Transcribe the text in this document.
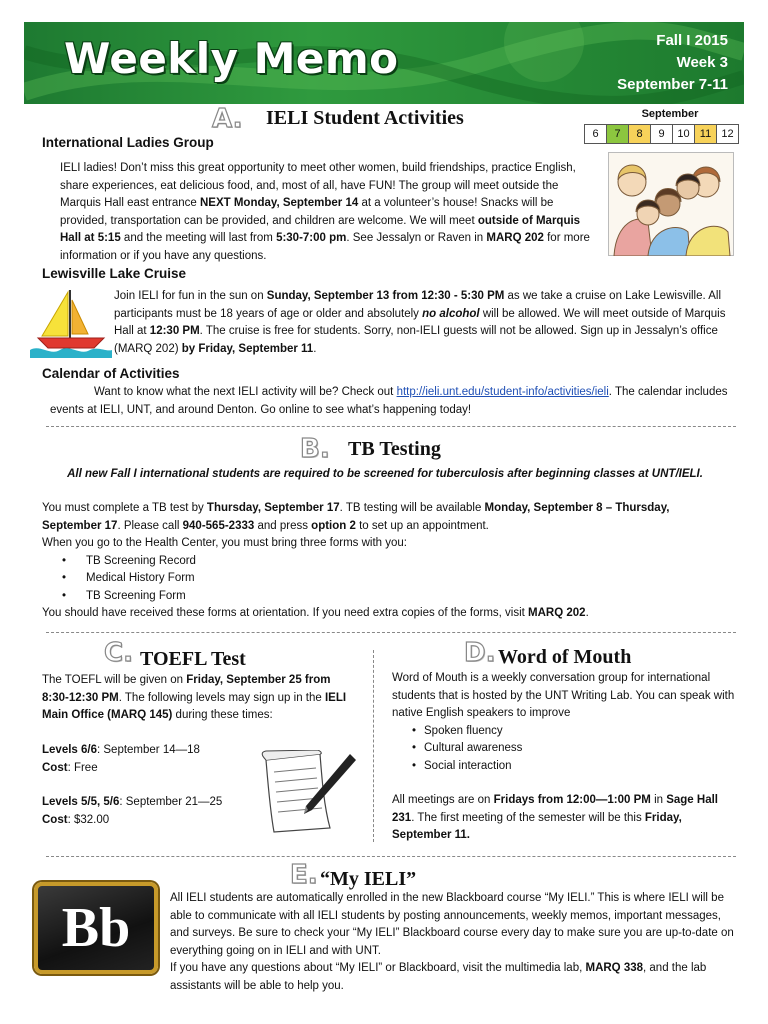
Weekly Memo	Fall I 2015
Week 3
September 7-11
A. IELI Student Activities	September
6	7	8	9	10	11	12
International Ladies Group
IELI ladies! Don’t miss this great opportunity to meet other women, build friendships, practice English, share experiences, eat delicious food, and, most of all, have FUN! The group will meet outside the Marquis Hall east entrance NEXT Monday, September 14 at a volunteer’s house! Snacks will be provided, transportation can be provided, and children are welcome. We will meet outside of Marquis Hall at 5:15 and the meeting will last from 5:30-7:00 pm. See Jessalyn or Raven in MARQ 202 for more information or if you have any questions.
Lewisville Lake Cruise
Join IELI for fun in the sun on Sunday, September 13 from 12:30 - 5:30 PM as we take a cruise on Lake Lewisville. All participants must be 18 years of age or older and absolutely no alcohol will be allowed. We will meet outside of Marquis Hall at 12:30 PM. The cruise is free for students. Sorry, non-IELI guests will not be allowed. Sign up in Jessalyn’s office (MARQ 202) by Friday, September 11.
Calendar of Activities
Want to know what the next IELI activity will be? Check out http://ieli.unt.edu/student-info/activities/ieli. The calendar includes events at IELI, UNT, and around Denton. Go online to see what’s happening today!
B. TB Testing
All new Fall I international students are required to be screened for tuberculosis after beginning classes at UNT/IELI.
You must complete a TB test by Thursday, September 17. TB testing will be available Monday, September 8 – Thursday, September 17. Please call 940-565-2333 and press option 2 to set up an appointment.
When you go to the Health Center, you must bring three forms with you:
• TB Screening Record
• Medical History Form
• TB Screening Form
You should have received these forms at orientation. If you need extra copies of the forms, visit MARQ 202.
C. TOEFL Test
The TOEFL will be given on Friday, September 25 from 8:30-12:30 PM. The following levels may sign up in the IELI Main Office (MARQ 145) during these times:
Levels 6/6: September 14—18
Cost: Free
Levels 5/5, 5/6: September 21—25
Cost: $32.00
D. Word of Mouth
Word of Mouth is a weekly conversation group for international students that is hosted by the UNT Writing Lab. You can speak with native English speakers to improve
• Spoken fluency
• Cultural awareness
• Social interaction
All meetings are on Fridays from 12:00—1:00 PM in Sage Hall 231. The first meeting of the semester will be this Friday, September 11.
E. “My IELI”
Bb	All IELI students are automatically enrolled in the new Blackboard course “My IELI.” This is where IELI will be able to communicate with all IELI students by posting announcements, weekly memos, important messages, and surveys. Be sure to check your “My IELI” Blackboard course every day to make sure you are up-to-date on everything going on in IELI and with UNT.
If you have any questions about “My IELI” or Blackboard, visit the multimedia lab, MARQ 338, and the lab assistants will be able to help you.
